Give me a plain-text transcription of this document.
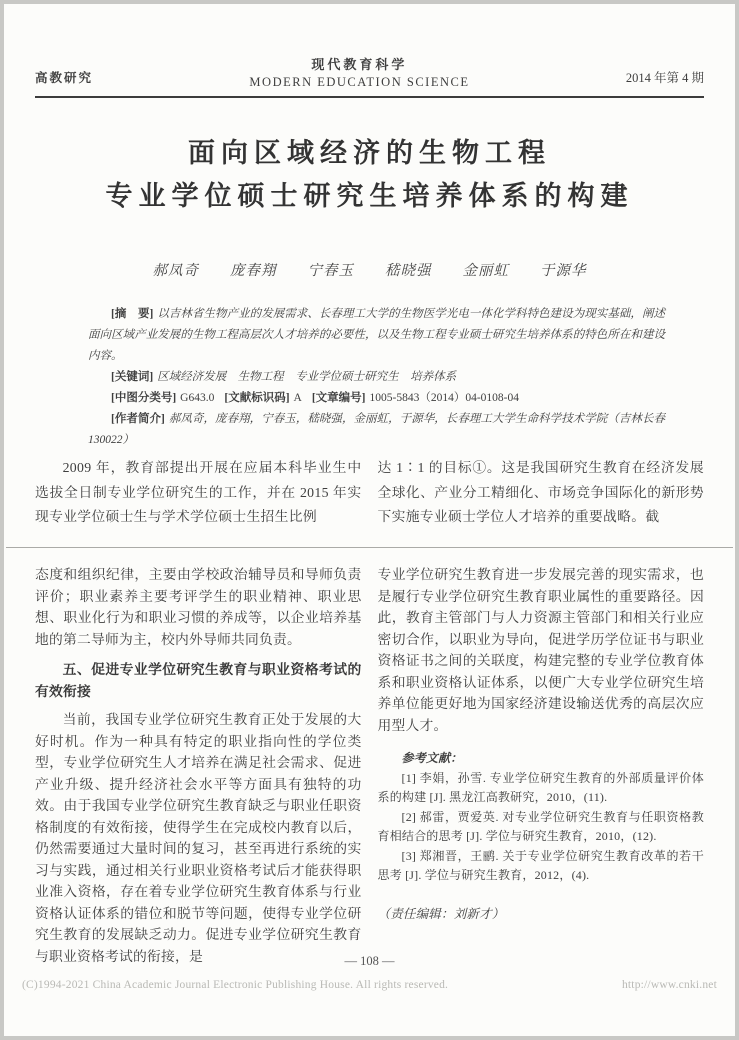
高教研究
现代教育科学
MODERN EDUCATION SCIENCE	2014 年第 4 期
面向区域经济的生物工程
专业学位硕士研究生培养体系的构建
郝凤奇　　庞春翔　　宁春玉　　嵇晓强　　金丽虹　　于源华

[摘　要] 以吉林省生物产业的发展需求、长春理工大学的生物医学光电一体化学科特色建设为现实基础，阐述面向区域产业发展的生物工程高层次人才培养的必要性，以及生物工程专业硕士研究生培养体系的特色所在和建设内容。

[关键词] 区域经济发展　生物工程　专业学位硕士研究生　培养体系

[中图分类号] G643.0 [文献标识码] A [文章编号] 1005-5843（2014）04-0108-04

[作者简介] 郝凤奇，庞春翔，宁春玉，嵇晓强，金丽虹，于源华，长春理工大学生命科学技术学院（吉林长春　130022）

2009 年，教育部提出开展在应届本科毕业生中选拔全日制专业学位研究生的工作，并在 2015 年实现专业学位硕士生与学术学位硕士生招生比例

达 1∶1 的目标①。这是我国研究生教育在经济发展全球化、产业分工精细化、市场竞争国际化的新形势下实施专业硕士学位人才培养的重要战略。截

态度和组织纪律，主要由学校政治辅导员和导师负责评价；职业素养主要考评学生的职业精神、职业思想、职业化行为和职业习惯的养成等，以企业培养基地的第二导师为主，校内外导师共同负责。

五、促进专业学位研究生教育与职业资格考试的有效衔接

当前，我国专业学位研究生教育正处于发展的大好时机。作为一种具有特定的职业指向性的学位类型，专业学位研究生人才培养在满足社会需求、促进产业升级、提升经济社会水平等方面具有独特的功效。由于我国专业学位研究生教育缺乏与职业任职资格制度的有效衔接，使得学生在完成校内教育以后，仍然需要通过大量时间的复习，甚至再进行系统的实习与实践，通过相关行业职业资格考试后才能获得职业准入资格，存在着专业学位研究生教育体系与行业资格认证体系的错位和脱节等问题，使得专业学位研究生教育的发展缺乏动力。促进专业学位研究生教育与职业资格考试的衔接，是

专业学位研究生教育进一步发展完善的现实需求，也是履行专业学位研究生教育职业属性的重要路径。因此，教育主管部门与人力资源主管部门和相关行业应密切合作，以职业为导向，促进学历学位证书与职业资格证书之间的关联度，构建完整的专业学位教育体系和职业资格认证体系，以便广大专业学位研究生培养单位能更好地为国家经济建设输送优秀的高层次应用型人才。

参考文献：

[1] 李娟，孙雪. 专业学位研究生教育的外部质量评价体系的构建 [J]. 黑龙江高教研究，2010，(11).

[2] 郝雷，贾爱英. 对专业学位研究生教育与任职资格教育相结合的思考 [J]. 学位与研究生教育，2010，(12).

[3] 郑湘晋，王鹂. 关于专业学位研究生教育改革的若干思考 [J]. 学位与研究生教育，2012，(4).

（责任编辑：刘新才）

— 108 —
(C)1994-2021 China Academic Journal Electronic Publishing House. All rights reserved.	http://www.cnki.net
